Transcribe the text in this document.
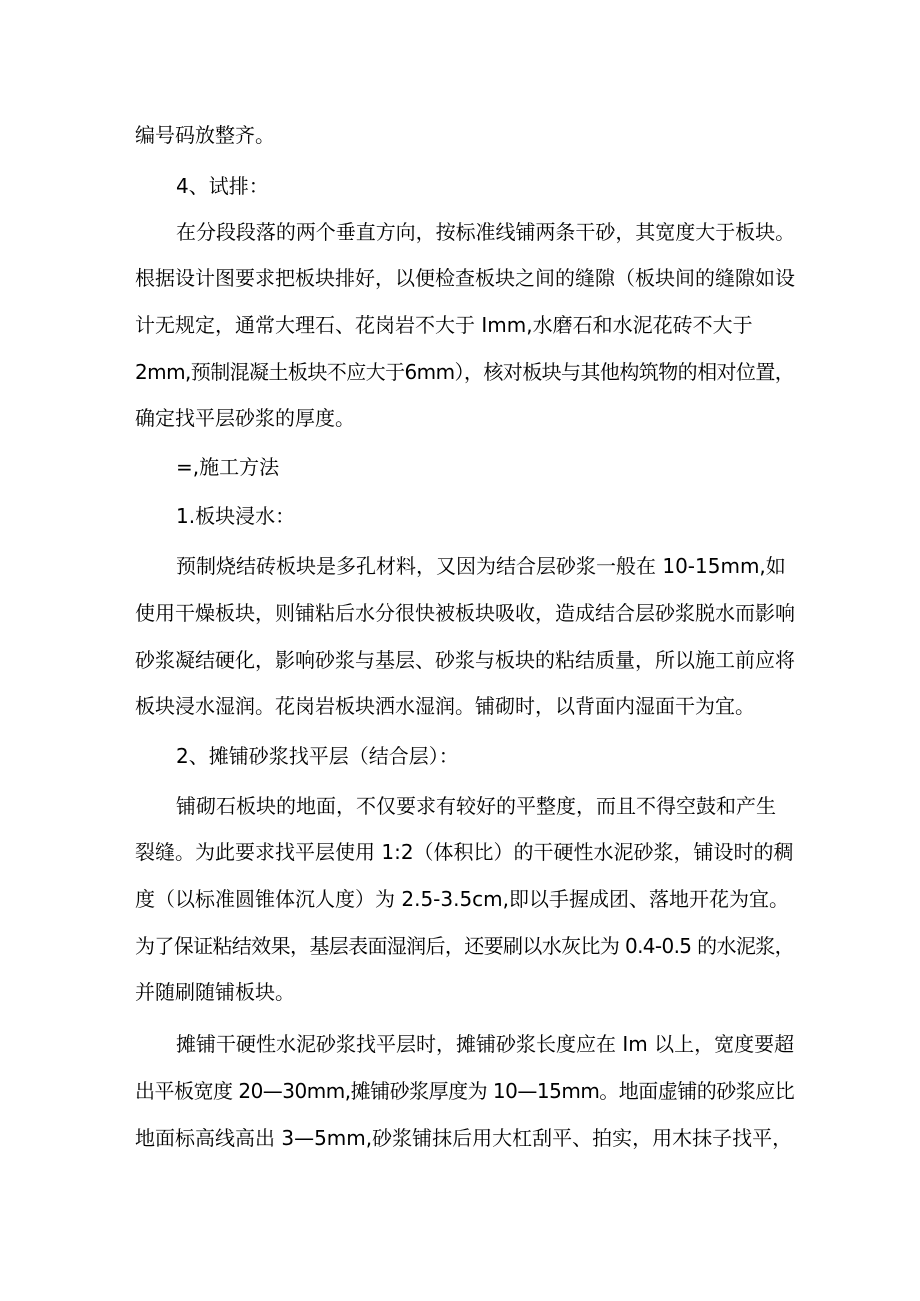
编号码放整齐。
4、试排：
在分段段落的两个垂直方向，按标准线铺两条干砂，其宽度大于板块。
根据设计图要求把板块排好，以便检查板块之间的缝隙（板块间的缝隙如设
计无规定，通常大理石、花岗岩不大于 Imm,水磨石和水泥花砖不大于
2mm,预制混凝土板块不应大于6mm），核对板块与其他构筑物的相对位置，
确定找平层砂浆的厚度。
=,施工方法
1.板块浸水：
预制烧结砖板块是多孔材料，又因为结合层砂浆一般在 10-15mm,如
使用干燥板块，则铺粘后水分很快被板块吸收，造成结合层砂浆脱水而影响
砂浆凝结硬化，影响砂浆与基层、砂浆与板块的粘结质量，所以施工前应将
板块浸水湿润。花岗岩板块洒水湿润。铺砌时，以背面内湿面干为宜。
2、摊铺砂浆找平层（结合层）：
铺砌石板块的地面，不仅要求有较好的平整度，而且不得空鼓和产生
裂缝。为此要求找平层使用 1:2（体积比）的干硬性水泥砂浆，铺设时的稠
度（以标准圆锥体沉人度）为 2.5-3.5cm,即以手握成团、落地开花为宜。
为了保证粘结效果，基层表面湿润后，还要刷以水灰比为 0.4-0.5 的水泥浆，
并随刷随铺板块。
摊铺干硬性水泥砂浆找平层时，摊铺砂浆长度应在 Im 以上，宽度要超
出平板宽度 20—30mm,摊铺砂浆厚度为 10—15mm。地面虚铺的砂浆应比
地面标高线高出 3—5mm,砂浆铺抹后用大杠刮平、拍实，用木抹子找平，
